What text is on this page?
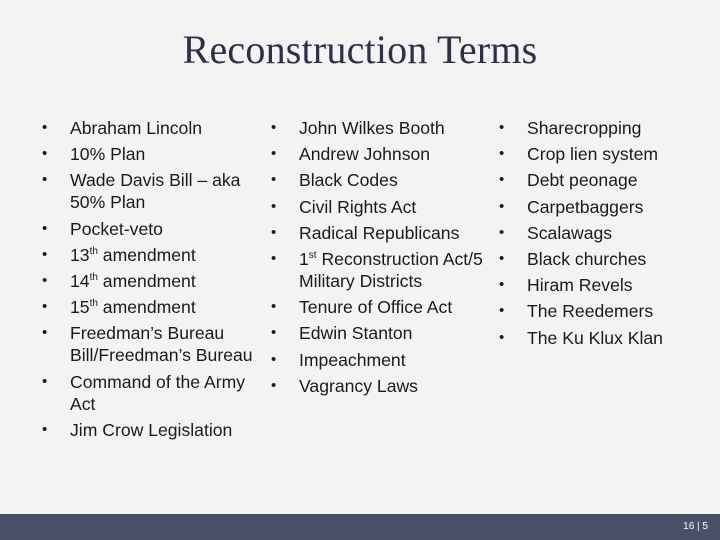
Reconstruction Terms
• Abraham Lincoln
• 10% Plan
• Wade Davis Bill – aka 50% Plan
• Pocket-veto
• 13th amendment
• 14th amendment
• 15th amendment
• Freedman’s Bureau Bill/Freedman’s Bureau
• Command of the Army Act
• Jim Crow Legislation
• John Wilkes Booth
• Andrew Johnson
• Black Codes
• Civil Rights Act
• Radical Republicans
• 1st Reconstruction Act/5 Military Districts
• Tenure of Office Act
• Edwin Stanton
• Impeachment
• Vagrancy Laws
• Sharecropping
• Crop lien system
• Debt peonage
• Carpetbaggers
• Scalawags
• Black churches
• Hiram Revels
• The Reedemers
• The Ku Klux Klan
16 | 5
